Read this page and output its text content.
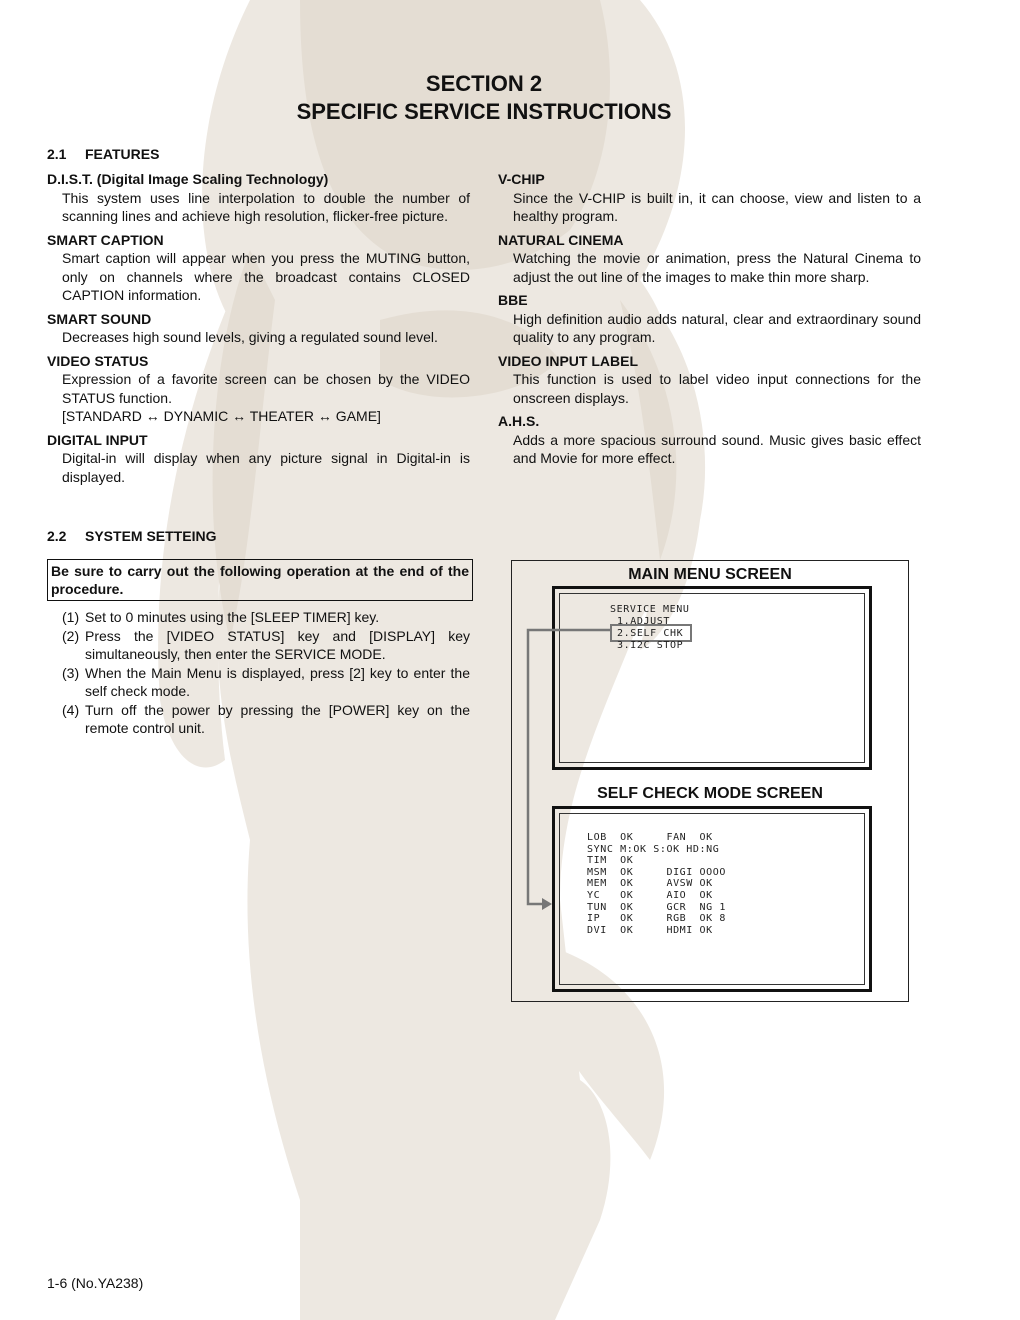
SECTION 2
SPECIFIC SERVICE INSTRUCTIONS
2.1 FEATURES
D.I.S.T. (Digital Image Scaling Technology)
This system uses line interpolation to double the number of scanning lines and achieve high resolution, flicker-free picture.
SMART CAPTION
Smart caption will appear when you press the MUTING button, only on channels where the broadcast contains CLOSED CAPTION information.
SMART SOUND
Decreases high sound levels, giving a regulated sound level.
VIDEO STATUS
Expression of a favorite screen can be chosen by the VIDEO STATUS function.
[STANDARD ↔ DYNAMIC ↔ THEATER ↔ GAME]
DIGITAL INPUT
Digital-in will display when any picture signal in Digital-in is displayed.
V-CHIP
Since the V-CHIP is built in, it can choose, view and listen to a healthy program.
NATURAL CINEMA
Watching the movie or animation, press the Natural Cinema to adjust the out line of the images to make thin more sharp.
BBE
High definition audio adds natural, clear and extraordinary sound quality to any program.
VIDEO INPUT LABEL
This function is used to label video input connections for the onscreen displays.
A.H.S.
Adds a more spacious surround sound. Music gives basic effect and Movie for more effect.
2.2 SYSTEM SETTEING
Be sure to carry out the following operation at the end of the procedure.
(1) Set to 0 minutes using the [SLEEP TIMER] key.
(2) Press the [VIDEO STATUS] key and [DISPLAY] key simultaneously, then enter the SERVICE MODE.
(3) When the Main Menu is displayed, press [2] key to enter the self check mode.
(4) Turn off the power by pressing the [POWER] key on the remote control unit.
MAIN MENU SCREEN
SERVICE MENU
1.ADJUST
2.SELF CHK
3.I2C STOP
SELF CHECK MODE SCREEN
LOB  OK     FAN  OK
SYNC M:OK S:OK HD:NG
TIM  OK
MSM  OK     DIGI OOOO
MEM  OK     AVSW OK
YC   OK     AIO  OK
TUN  OK     GCR  NG 1
IP   OK     RGB  OK 8
DVI  OK     HDMI OK
1-6 (No.YA238)
